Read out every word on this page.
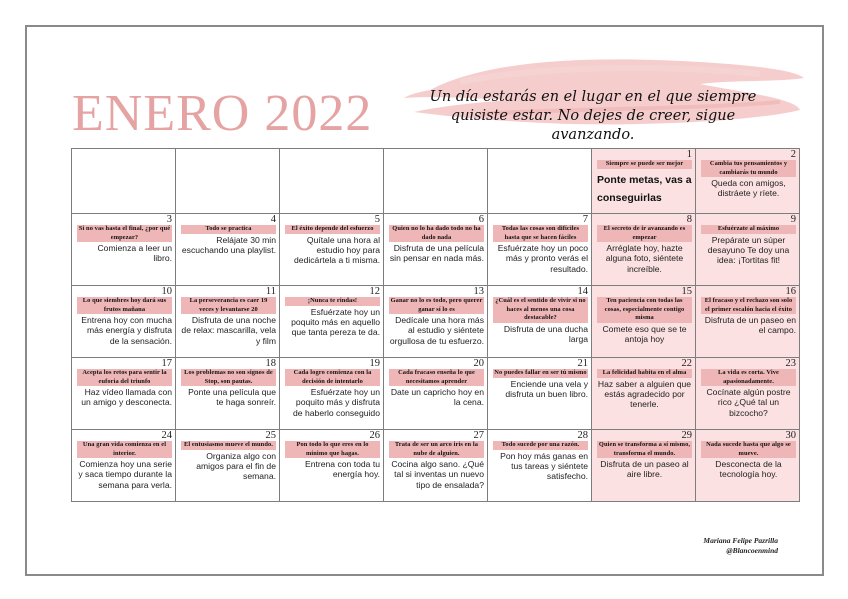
ENERO 2022	Un día estarás en el lugar en el que siempre quisiste estar. No dejes de creer, sigue avanzando.

					1
Siempre se puede ser mejor
Ponte metas, vas a conseguirlas	2
Cambia tus pensamientos y cambiarás tu mundo
Queda con amigos, distráete y ríete.

3
Si no vas hasta el final, ¿por qué empezar?
Comienza a leer un libro.	4
Todo se practica
Relájate 30 min escuchando una playlist.	5
El éxito depende del esfuerzo
Quítale una hora al estudio hoy para dedicártela a ti misma.	6
Quien no lo ha dado todo no ha dado nada
Disfruta de una película sin pensar en nada más.	7
Todas las cosas son difíciles hasta que se hacen fáciles
Esfuérzate hoy un poco más y pronto verás el resultado.	8
El secreto de ir avanzando es empezar
Arréglate hoy, hazte alguna foto, siéntete increíble.	9
Esfuérzate al máximo
Prepárate un súper desayuno Te doy una idea: ¡Tortitas fit!

10
Lo que siembres hoy dará sus frutos mañana
Entrena hoy con mucha más energía y disfruta de la sensación.	11
La perseverancia es caer 19 veces y levantarse 20
Disfruta de una noche de relax: mascarilla, vela y film	12
¡Nunca te rindas!
Esfuérzate hoy un poquito más en aquello que tanta pereza te da.	13
Ganar no lo es todo, pero querer ganar sí lo es
Dedícale una hora más al estudio y siéntete orgullosa de tu esfuerzo.	14
¿Cuál es el sentido de vivir si no haces al menos una cosa destacable?
Disfruta de una ducha larga	15
Ten paciencia con todas las cosas, especialmente contigo misma
Comete eso que se te antoja hoy	16
El fracaso y el rechazo son solo el primer escalón hacia el éxito
Disfruta de un paseo en el campo.

17
Acepta los retos para sentir la euforia del triunfo
Haz vídeo llamada con un amigo y desconecta.	18
Los problemas no son signos de Stop, son pautas.
Ponte una película que te haga sonreír.	19
Cada logro comienza con la decisión de intentarlo
Esfuérzate hoy un poquito más y disfruta de haberlo conseguido	20
Cada fracaso enseña lo que necesitamos aprender
Date un capricho hoy en la cena.	21
No puedes fallar en ser tú mismo
Enciende una vela y disfruta un buen libro.	22
La felicidad habita en el alma
Haz saber a alguien que estás agradecido por tenerle.	23
La vida es corta. Vive apasionadamente.
Cocínate algún postre rico ¿Qué tal un bizcocho?

24
Una gran vida comienza en el interior.
Comienza hoy una serie y saca tiempo durante la semana para verla.	25
El entusiasmo mueve el mundo.
Organiza algo con amigos para el fin de semana.	26
Pon todo lo que eres en lo mínimo que hagas.
Entrena con toda tu energía hoy.	27
Trata de ser un arco iris en la nube de alguien.
Cocina algo sano. ¿Qué tal si inventas un nuevo tipo de ensalada?	28
Todo sucede por una razón.
Pon hoy más ganas en tus tareas y siéntete satisfecho.	29
Quien se transforma a sí mismo, transforma el mundo.
Disfruta de un paseo al aire libre.	30
Nada sucede hasta que algo se mueve.
Desconecta de la tecnología hoy.
Mariana Felipe Pazrilla
@Blancoenmind
